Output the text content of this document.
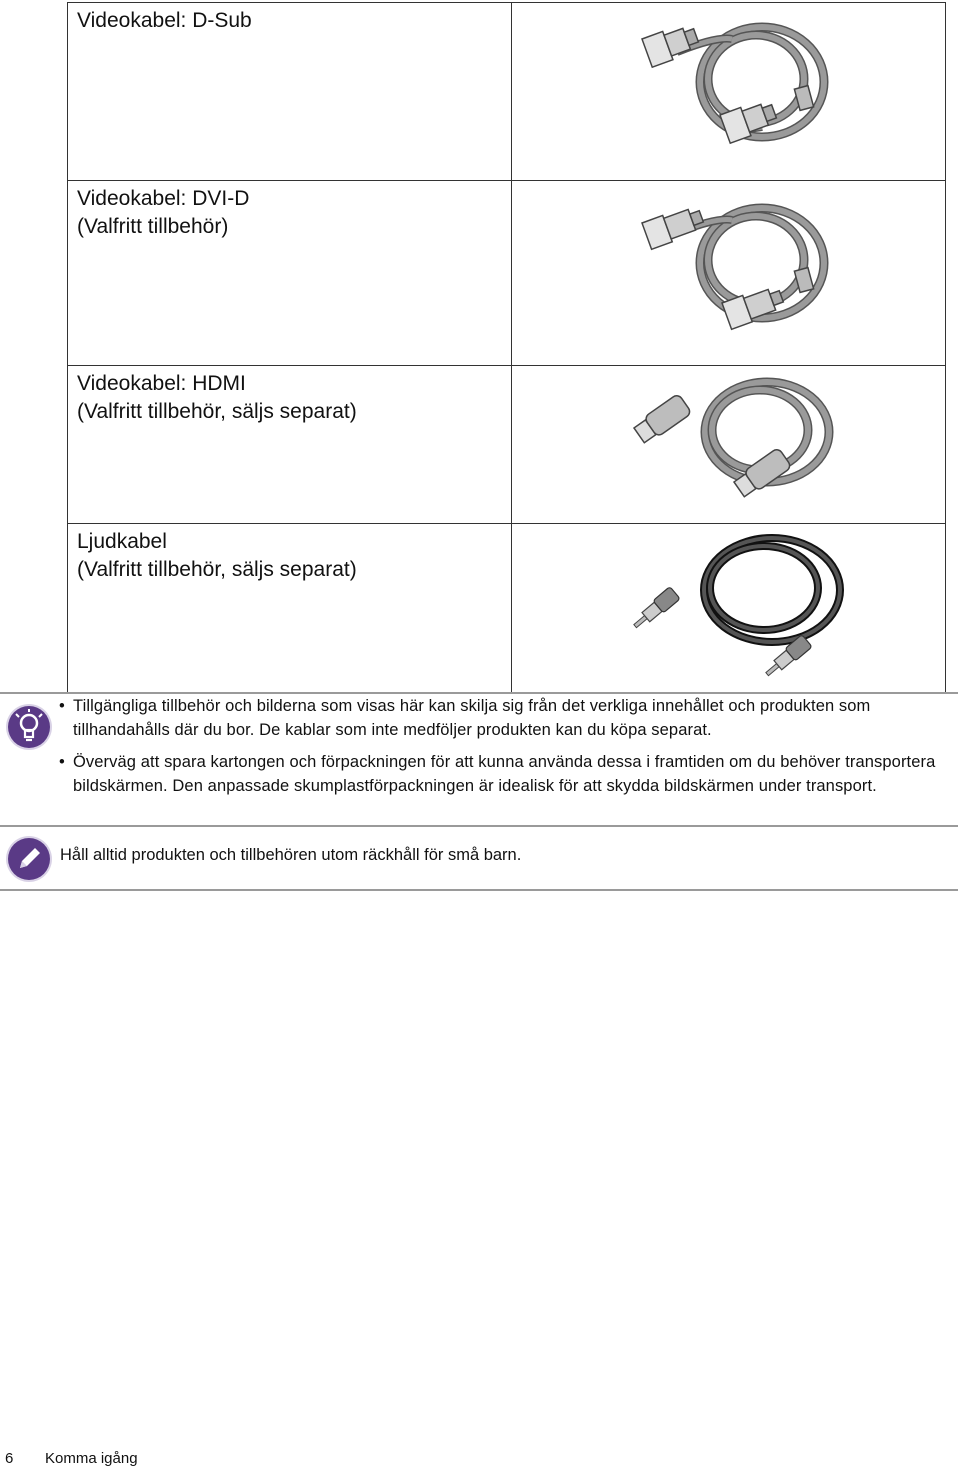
Videokabel: D-Sub	

Videokabel: DVI-D
(Valfritt tillbehör)

Videokabel: HDMI
(Valfritt tillbehör, säljs separat)

Ljudkabel
(Valfritt tillbehör, säljs separat)

• Tillgängliga tillbehör och bilderna som visas här kan skilja sig från det verkliga innehållet och produkten som tillhandahålls där du bor. De kablar som inte medföljer produkten kan du köpa separat.
• Överväg att spara kartongen och förpackningen för att kunna använda dessa i framtiden om du behöver transportera bildskärmen. Den anpassade skumplastförpackningen är idealisk för att skydda bildskärmen under transport.
Håll alltid produkten och tillbehören utom räckhåll för små barn.
6 Komma igång
